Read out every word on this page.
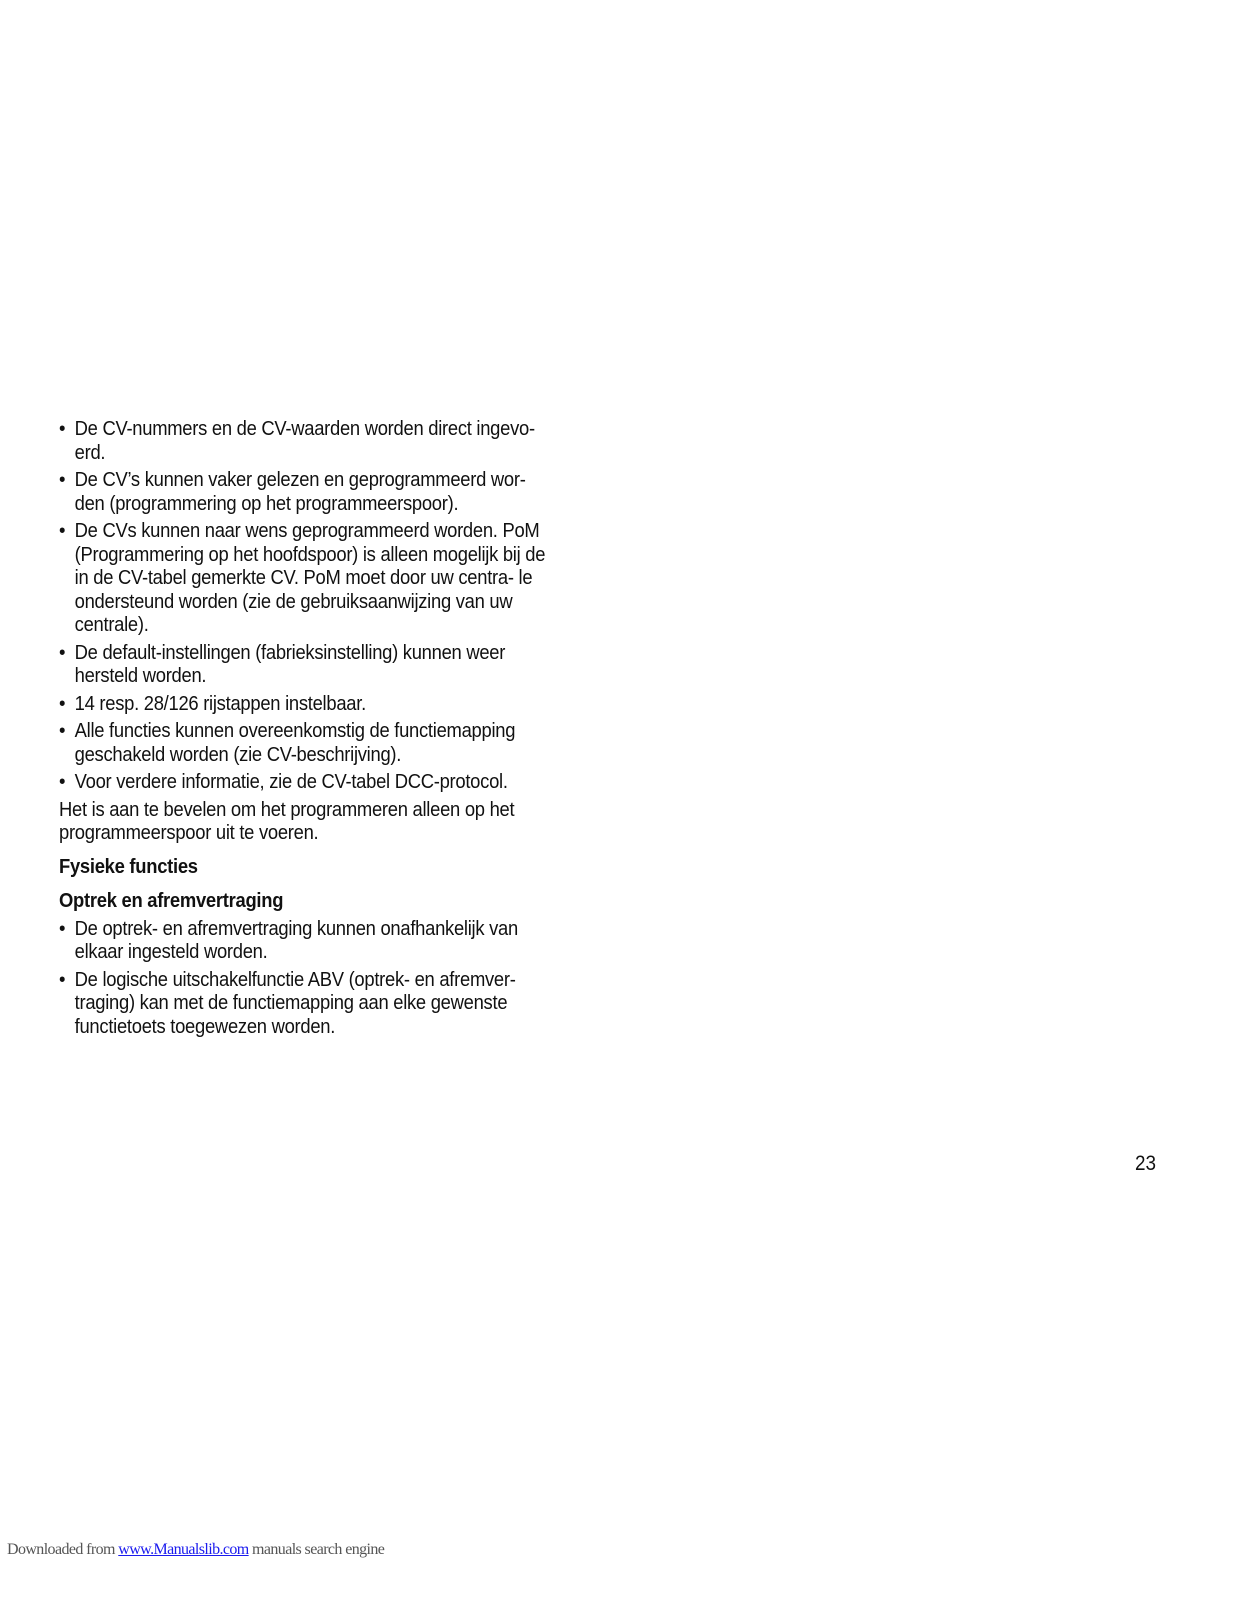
• De CV-nummers en de CV-waarden worden direct ingevo- erd.
• De CV’s kunnen vaker gelezen en geprogrammeerd wor- den (programmering op het programmeerspoor).
• De CVs kunnen naar wens geprogrammeerd worden. PoM (Programmering op het hoofdspoor) is alleen mogelijk bij de in de CV-tabel gemerkte CV. PoM moet door uw centra- le ondersteund worden (zie de gebruiksaanwijzing van uw centrale).
• De default-instellingen (fabrieksinstelling) kunnen weer hersteld worden.
• 14 resp. 28/126 rijstappen instelbaar.
• Alle functies kunnen overeenkomstig de functiemapping geschakeld worden (zie CV-beschrijving).
• Voor verdere informatie, zie de CV-tabel DCC-protocol.

Het is aan te bevelen om het programmeren alleen op het programmeerspoor uit te voeren.

Fysieke functies
Optrek en afremvertraging
• De optrek- en afremvertraging kunnen onafhankelijk van elkaar ingesteld worden.
• De logische uitschakelfunctie ABV (optrek- en afremver- traging) kan met de functiemapping aan elke gewenste functietoets toegewezen worden.
23
Downloaded from www.Manualslib.com manuals search engine
